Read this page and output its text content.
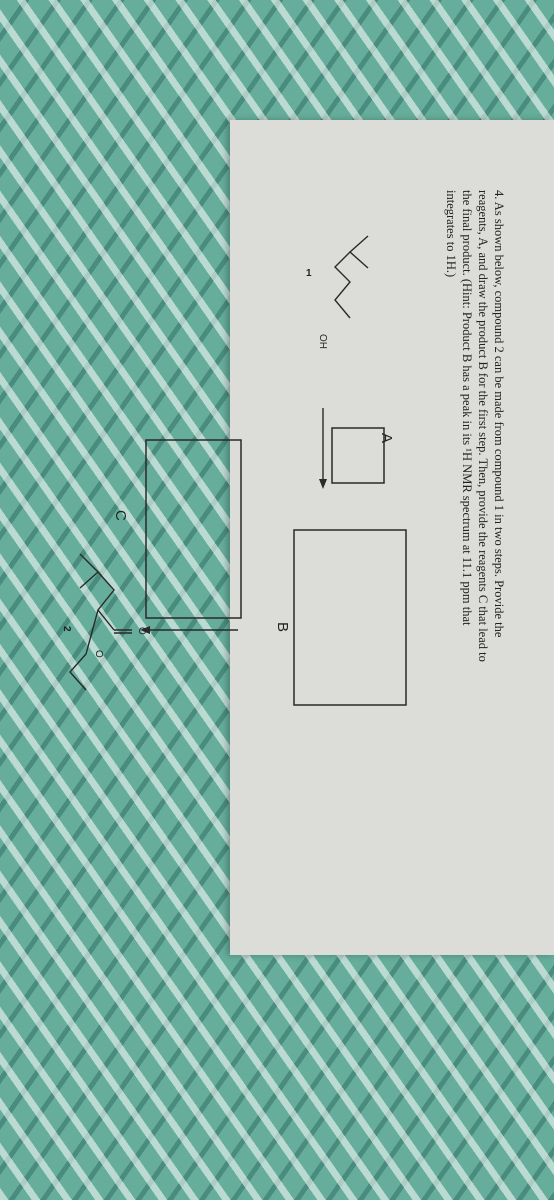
4. As shown below, compound 2 can be made from compound 1 in two steps. Provide the
reagents, A, and draw the product B for the first step. Then, provide the reagents C that lead to
the final product. (Hint: Product B has a peak in its ¹H NMR spectrum at 11.1 ppm that
integrates to 1H.)
OH
1
A
B
C
O
O
2
